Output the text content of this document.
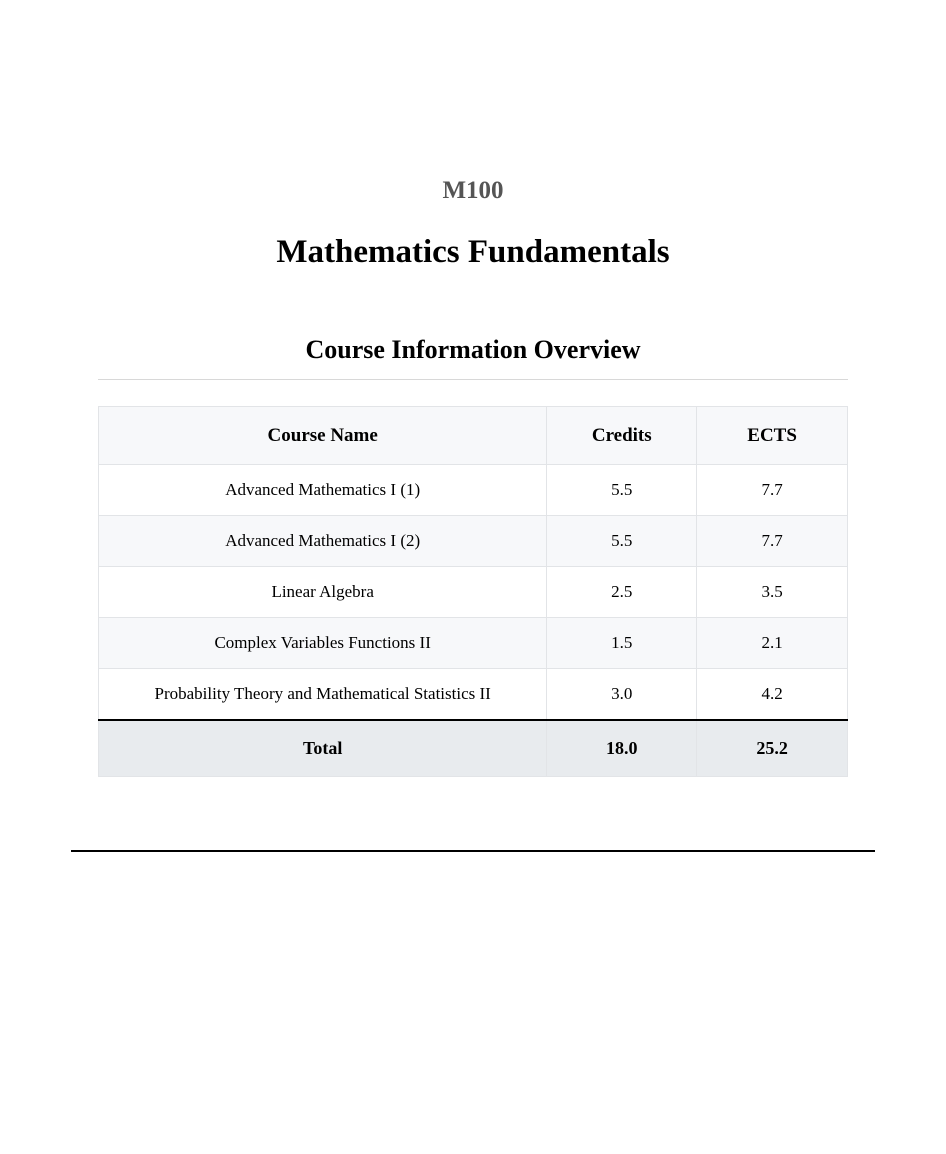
M100
Mathematics Fundamentals
Course Information Overview
Course Name	Credits	ECTS
Advanced Mathematics I (1)	5.5	7.7
Advanced Mathematics I (2)	5.5	7.7
Linear Algebra	2.5	3.5
Complex Variables Functions II	1.5	2.1
Probability Theory and Mathematical Statistics II	3.0	4.2
Total	18.0	25.2
